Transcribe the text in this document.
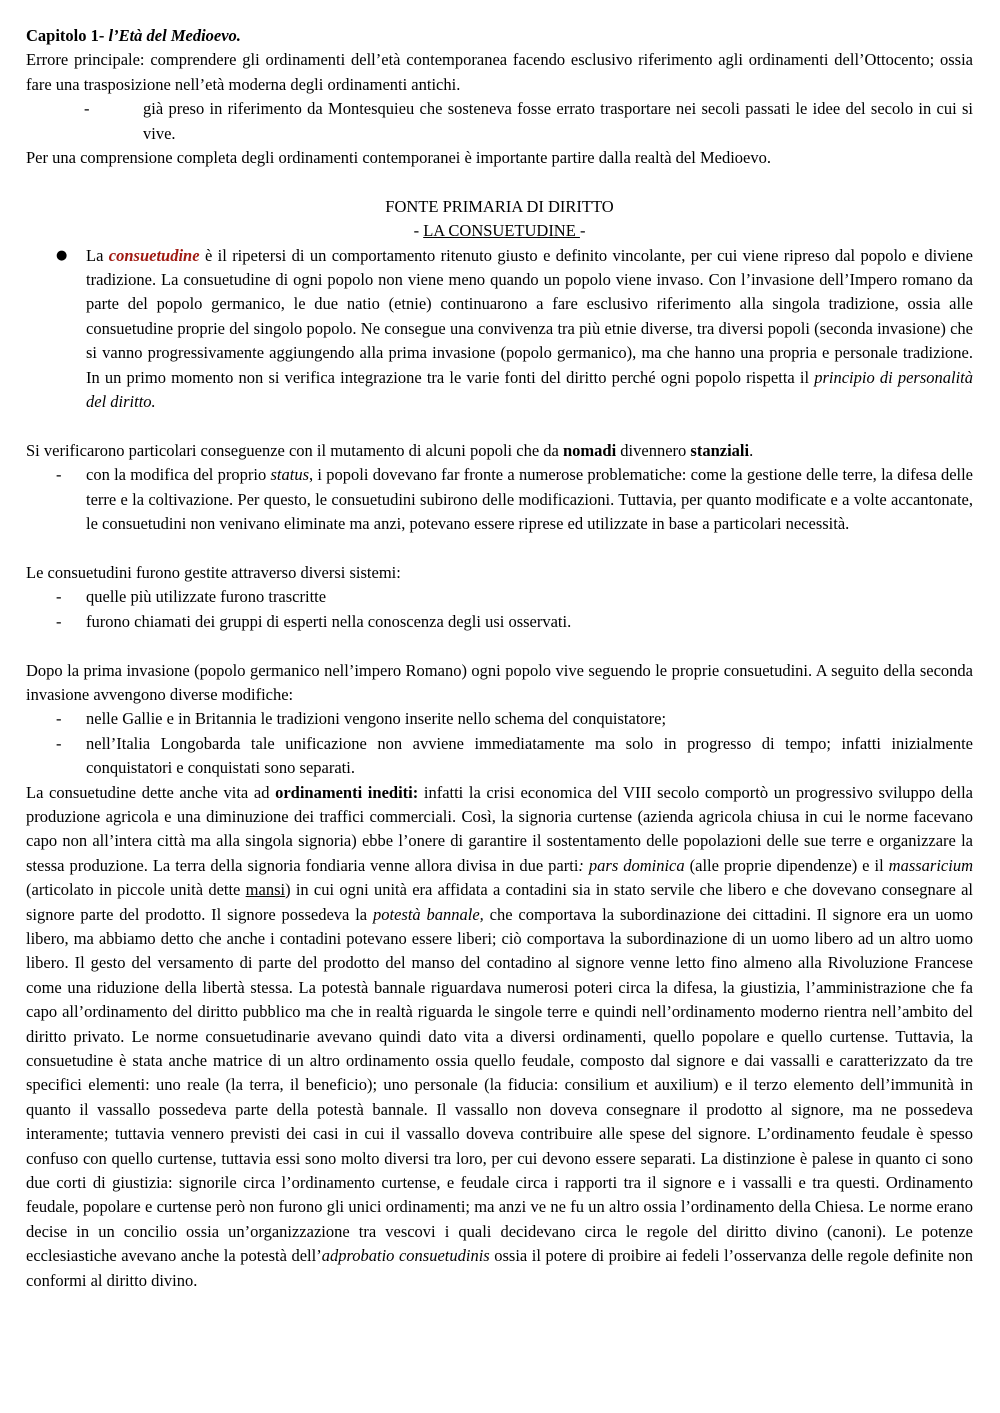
Capitolo 1- l’Età del Medioevo.

Errore principale: comprendere gli ordinamenti dell’età contemporanea facendo esclusivo riferimento agli ordinamenti dell’Ottocento; ossia fare una trasposizione nell’età moderna degli ordinamenti antichi.

-	già preso in riferimento da Montesquieu che sosteneva fosse errato trasportare nei secoli passati le idee del secolo in cui si vive.

Per una comprensione completa degli ordinamenti contemporanei è importante partire dalla realtà del Medioevo.

FONTE PRIMARIA DI DIRITTO

- LA CONSUETUDINE -

● La consuetudine è il ripetersi di un comportamento ritenuto giusto e definito vincolante, per cui viene ripreso dal popolo e diviene tradizione. La consuetudine di ogni popolo non viene meno quando un popolo viene invaso. Con l’invasione dell’Impero romano da parte del popolo germanico, le due natio (etnie) continuarono a fare esclusivo riferimento alla singola tradizione, ossia alle consuetudine proprie del singolo popolo. Ne consegue una convivenza tra più etnie diverse, tra diversi popoli (seconda invasione) che si vanno progressivamente aggiungendo alla prima invasione (popolo germanico), ma che hanno una propria e personale tradizione. In un primo momento non si verifica integrazione tra le varie fonti del diritto perché ogni popolo rispetta il principio di personalità del diritto.

Si verificarono particolari conseguenze con il mutamento di alcuni popoli che da nomadi divennero stanziali.

- con la modifica del proprio status, i popoli dovevano far fronte a numerose problematiche: come la gestione delle terre, la difesa delle terre e la coltivazione. Per questo, le consuetudini subirono delle modificazioni. Tuttavia, per quanto modificate e a volte accantonate, le consuetudini non venivano eliminate ma anzi, potevano essere riprese ed utilizzate in base a particolari necessità.

Le consuetudini furono gestite attraverso diversi sistemi:

- quelle più utilizzate furono trascritte
- furono chiamati dei gruppi di esperti nella conoscenza degli usi osservati.

Dopo la prima invasione (popolo germanico nell’impero Romano) ogni popolo vive seguendo le proprie consuetudini. A seguito della seconda invasione avvengono diverse modifiche:

- nelle Gallie e in Britannia le tradizioni vengono inserite nello schema del conquistatore;
- nell’Italia Longobarda tale unificazione non avviene immediatamente ma solo in progresso di tempo; infatti inizialmente conquistatori e conquistati sono separati.

La consuetudine dette anche vita ad ordinamenti inediti: infatti la crisi economica del VIII secolo comportò un progressivo sviluppo della produzione agricola e una diminuzione dei traffici commerciali. Così, la signoria curtense (azienda agricola chiusa in cui le norme facevano capo non all’intera città ma alla singola signoria) ebbe l’onere di garantire il sostentamento delle popolazioni delle sue terre e organizzare la stessa produzione. La terra della signoria fondiaria venne allora divisa in due parti: pars dominica (alle proprie dipendenze) e il massaricium (articolato in piccole unità dette mansi) in cui ogni unità era affidata a contadini sia in stato servile che libero e che dovevano consegnare al signore parte del prodotto. Il signore possedeva la potestà bannale, che comportava la subordinazione dei cittadini. Il signore era un uomo libero, ma abbiamo detto che anche i contadini potevano essere liberi; ciò comportava la subordinazione di un uomo libero ad un altro uomo libero. Il gesto del versamento di parte del prodotto del manso del contadino al signore venne letto fino almeno alla Rivoluzione Francese come una riduzione della libertà stessa. La potestà bannale riguardava numerosi poteri circa la difesa, la giustizia, l’amministrazione che fa capo all’ordinamento del diritto pubblico ma che in realtà riguarda le singole terre e quindi nell’ordinamento moderno rientra nell’ambito del diritto privato. Le norme consuetudinarie avevano quindi dato vita a diversi ordinamenti, quello popolare e quello curtense. Tuttavia, la consuetudine è stata anche matrice di un altro ordinamento ossia quello feudale, composto dal signore e dai vassalli e caratterizzato da tre specifici elementi: uno reale (la terra, il beneficio); uno personale (la fiducia: consilium et auxilium) e il terzo elemento dell’immunità in quanto il vassallo possedeva parte della potestà bannale. Il vassallo non doveva consegnare il prodotto al signore, ma ne possedeva interamente; tuttavia vennero previsti dei casi in cui il vassallo doveva contribuire alle spese del signore. L’ordinamento feudale è spesso confuso con quello curtense, tuttavia essi sono molto diversi tra loro, per cui devono essere separati. La distinzione è palese in quanto ci sono due corti di giustizia: signorile circa l’ordinamento curtense, e feudale circa i rapporti tra il signore e i vassalli e tra questi. Ordinamento feudale, popolare e curtense però non furono gli unici ordinamenti; ma anzi ve ne fu un altro ossia l’ordinamento della Chiesa. Le norme erano decise in un concilio ossia un’organizzazione tra vescovi i quali decidevano circa le regole del diritto divino (canoni). Le potenze ecclesiastiche avevano anche la potestà dell’adprobatio consuetudinis ossia il potere di proibire ai fedeli l’osservanza delle regole definite non conformi al diritto divino.
